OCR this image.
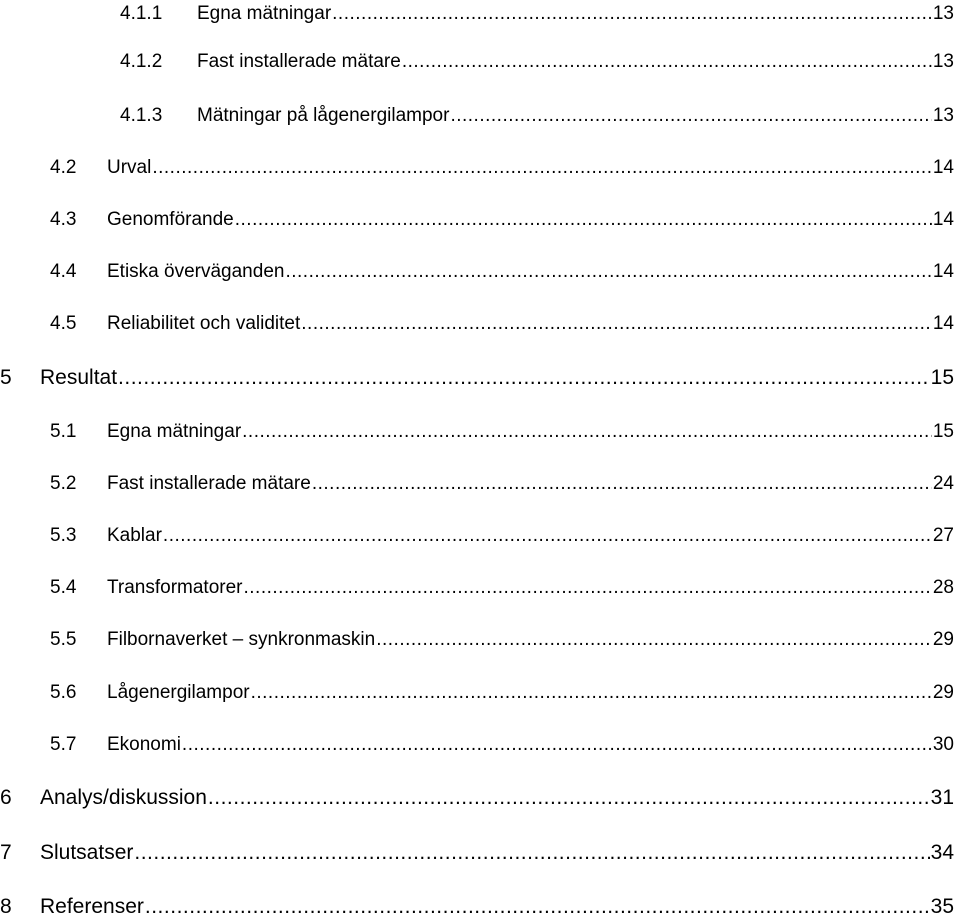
4.1.1	Egna mätningar .....	13
4.1.2	Fast installerade mätare .....	13
4.1.3	Mätningar på lågenergilampor .....	13
4.2	Urval .....	14
4.3	Genomförande .....	14
4.4	Etiska överväganden .....	14
4.5	Reliabilitet och validitet .....	14
5	Resultat .....	15
5.1	Egna mätningar .....	15
5.2	Fast installerade mätare .....	24
5.3	Kablar .....	27
5.4	Transformatorer .....	28
5.5	Filbornaverket – synkronmaskin .....	29
5.6	Lågenergilampor .....	29
5.7	Ekonomi .....	30
6	Analys/diskussion .....	31
7	Slutsatser .....	34
8	Referenser .....	35
